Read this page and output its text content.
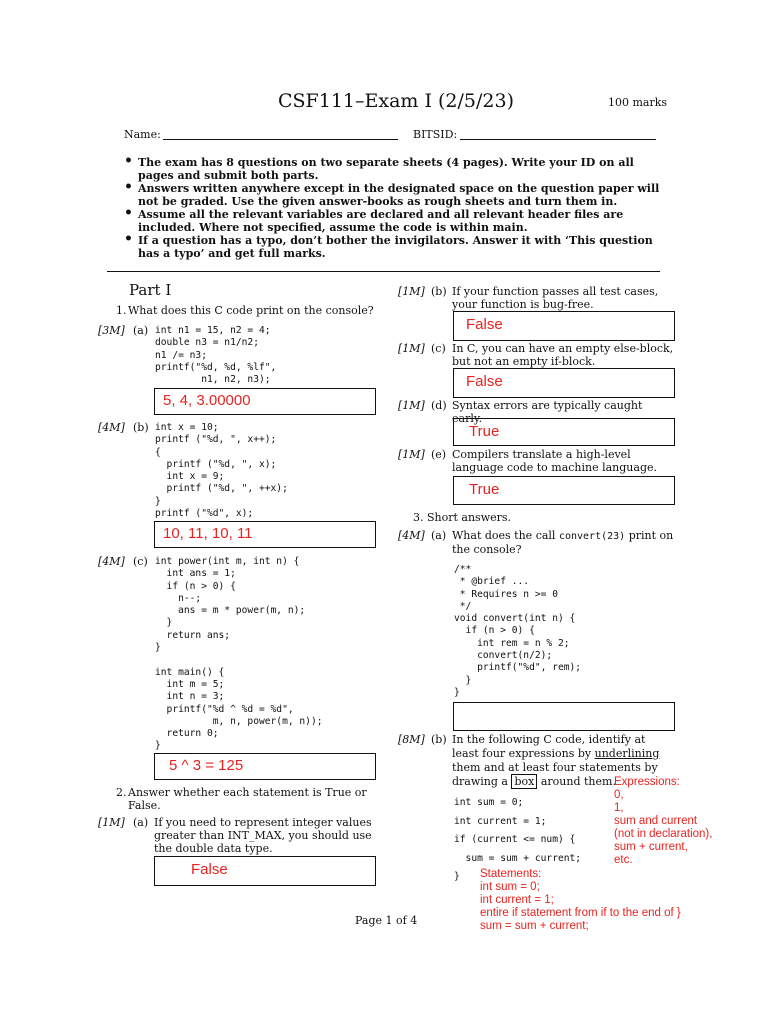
CSF111–Exam I (2/5/23)	100 marks
Name:	BITSID:
• The exam has 8 questions on two separate sheets (4 pages). Write your ID on all pages and submit both parts.
• Answers written anywhere except in the designated space on the question paper will not be graded. Use the given answer-books as rough sheets and turn them in.
• Assume all the relevant variables are declared and all relevant header files are included. Where not specified, assume the code is within main.
• If a question has a typo, don’t bother the invigilators. Answer it with ‘This question has a typo’ and get full marks.
Part I
1. What does this C code print on the console?
[3M] (a) int n1 = 15, n2 = 4;
double n3 = n1/n2;
n1 /= n3;
printf("%d, %d, %lf",
n1, n2, n3);
5, 4, 3.00000
[4M] (b) int x = 10;
printf ("%d, ", x++);
{
printf ("%d, ", x);
int x = 9;
printf ("%d, ", ++x);
}
printf ("%d", x);
10, 11, 10, 11
[4M] (c) int power(int m, int n) {
int ans = 1;
if (n > 0) {
n--;
ans = m * power(m, n);
}
return ans;
}

int main() {
int m = 5;
int n = 3;
printf("%d ^ %d = %d",
m, n, power(m, n));
return 0;
}
5 ^ 3 = 125
2. Answer whether each statement is True or False.
[1M] (a) If you need to represent integer values greater than INT_MAX, you should use the double data type.
False
[1M] (b) If your function passes all test cases, your function is bug-free.
False
[1M] (c) In C, you can have an empty else-block, but not an empty if-block.
False
[1M] (d) Syntax errors are typically caught early.
True
[1M] (e) Compilers translate a high-level language code to machine language.
True
3. Short answers.
[4M] (a) What does the call convert(23) print on the console?
/**
* @brief ...
* Requires n >= 0
*/
void convert(int n) {
if (n > 0) {
int rem = n % 2;
convert(n/2);
printf("%d", rem);
}
}
[8M] (b) In the following C code, identify at least four expressions by underlining them and at least four statements by drawing a box around them.
int sum = 0;
int current = 1;
if (current <= num) {
sum = sum + current;
}
Expressions:
0,
1,
sum and current
(not in declaration),
sum + current,
etc.
Statements:
int sum = 0;
int current = 1;
entire if statement from if to the end of }
sum = sum + current;
Page 1 of 4
